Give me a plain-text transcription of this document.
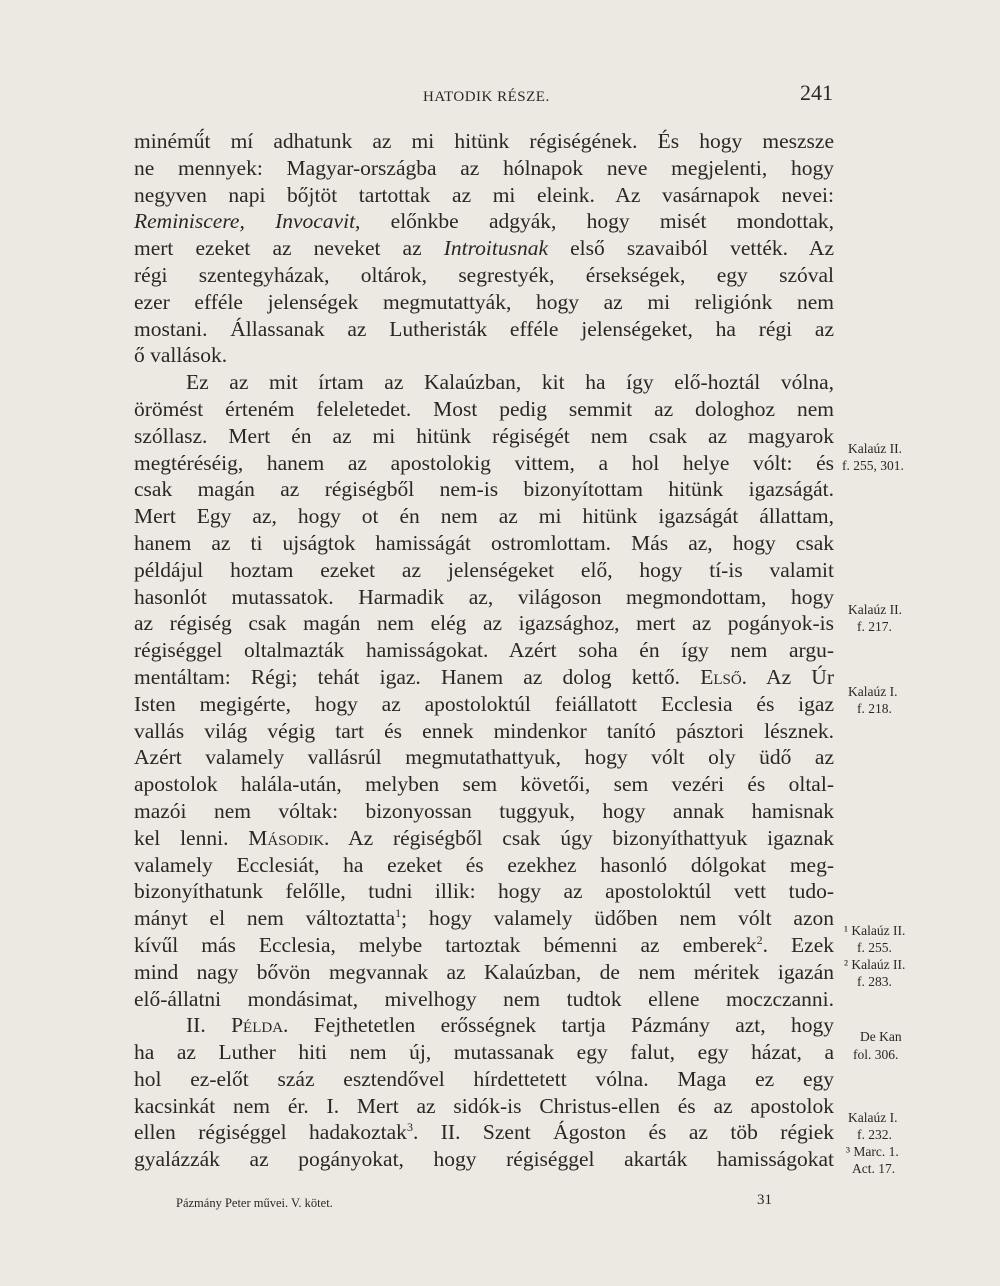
HATODIK RÉSZE.	241
minémű́t mí adhatunk az mi hitünk régiségének. És hogy meszsze
ne mennyek: Magyar-országba az hólnapok neve megjelenti, hogy
negyven napi bőjtöt tartottak az mi eleink. Az vasárnapok nevei:
Reminiscere, Invocavit, előnkbe adgyák, hogy misét mondottak,
mert ezeket az neveket az Introitusnak első szavaiból vették. Az
régi szentegyházak, oltárok, segrestyék, érsekségek, egy szóval
ezer efféle jelenségek megmutattyák, hogy az mi religiónk nem
mostani. Állassanak az Lutheristák efféle jelenségeket, ha régi az
ő vallások.
Ez az mit írtam az Kalaúzban, kit ha így elő-hoztál vólna,
örömést érteném feleletedet. Most pedig semmit az dologhoz nem
szóllasz. Mert én az mi hitünk régiségét nem csak az magyarok
megtéréséig, hanem az apostolokig vittem, a hol helye vólt: és
csak magán az régiségből nem-is bizonyítottam hitünk igazságát.
Mert Egy az, hogy ot én nem az mi hitünk igazságát állattam,
hanem az ti ujságtok hamisságát ostromlottam. Más az, hogy csak
példájul hoztam ezeket az jelenségeket elő, hogy tí-is valamit
hasonlót mutassatok. Harmadik az, világoson megmondottam, hogy
az régiség csak magán nem elég az igazsághoz, mert az pogányok-is
régiséggel oltalmazták hamisságokat. Azért soha én így nem argu-
mentáltam: Régi; tehát igaz. Hanem az dolog kettő. Első. Az Úr
Isten megigérte, hogy az apostoloktúl feiállatott Ecclesia és igaz
vallás világ végig tart és ennek mindenkor tanító pásztori lésznek.
Azért valamely vallásrúl megmutathattyuk, hogy vólt oly üdő az
apostolok halála-után, melyben sem követői, sem vezéri és oltal-
mazói nem vóltak: bizonyossan tuggyuk, hogy annak hamisnak
kel lenni. Második. Az régiségből csak úgy bizonyíthattyuk igaznak
valamely Ecclesiát, ha ezeket és ezekhez hasonló dólgokat meg-
bizonyíthatunk felőlle, tudni illik: hogy az apostoloktúl vett tudo-
mányt el nem változtatta$^1$; hogy valamely üdőben nem vólt azon
kívűl más Ecclesia, melybe tartoztak bémenni az emberek$^2$. Ezek
mind nagy bővön megvannak az Kalaúzban, de nem méritek igazán
elő-állatni mondásimat, mivelhogy nem tudtok ellene moczczanni.
II. Példa. Fejthetetlen erősségnek tartja Pázmány azt, hogy
ha az Luther hiti nem új, mutassanak egy falut, egy házat, a
hol ez-előt száz esztendővel hírdettetett vólna. Maga ez egy
kacsinkát nem ér. I. Mert az sidók-is Christus-ellen és az apostolok
ellen régiséggel hadakoztak$^3$. II. Szent Ágoston és az töb régiek
gyalázzák az pogányokat, hogy régiséggel akarták hamisságokat
Kalaúz II.
f. 255, 301.
Kalaúz II.
f. 217.
Kalaúz I.
f. 218.
¹ Kalaúz II.
f. 255.
² Kalaúz II.
f. 283.
De Kan
fol. 306.
Kalaúz I.
f. 232.
³ Marc. 1.
Act. 17.
Pázmány Peter művei. V. kötet.	31
